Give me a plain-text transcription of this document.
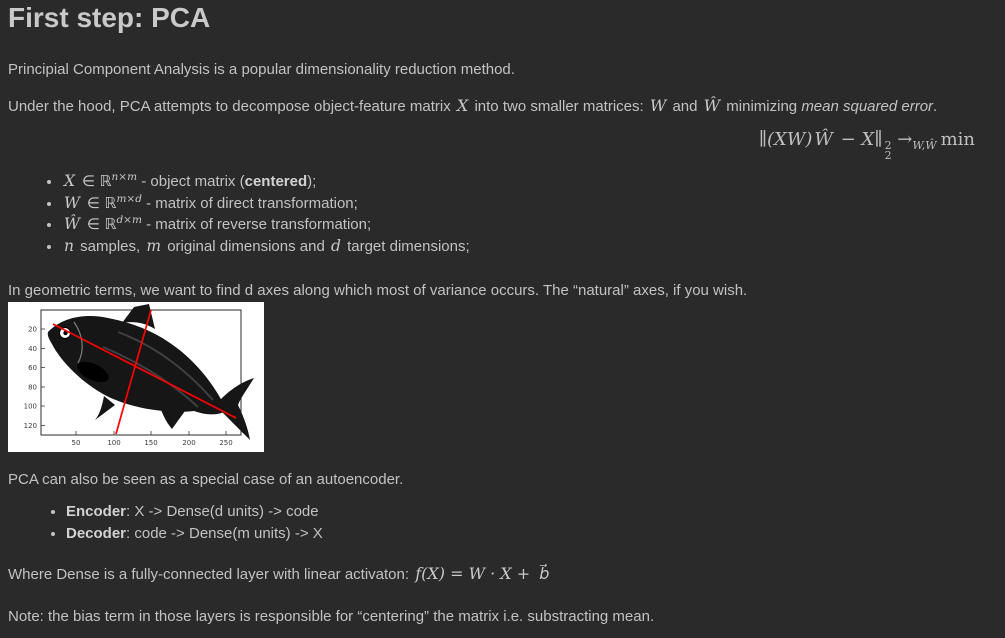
First step: PCA

Principial Component Analysis is a popular dimensionality reduction method.

Under the hood, PCA attempts to decompose object-feature matrix X into two smaller matrices: W and Ŵ minimizing mean squared error.

∥(XW) Ŵ − X∥ 2
2
$\to_{W,Ŵ}$ min
• X ∈ ℝ$^{n\times m}$ - object matrix (centered);
• W ∈ ℝ$^{m\times d}$ - matrix of direct transformation;
• Ŵ ∈ ℝ$^{d\times m}$ - matrix of reverse transformation;
• n samples, m original dimensions and d target dimensions;

In geometric terms, we want to find d axes along which most of variance occurs. The “natural” axes, if you wish.

20
40
60
80
100
120
50	100	150	200	250

PCA can also be seen as a special case of an autoencoder.

• Encoder: X -> Dense(d units) -> code
• Decoder: code -> Dense(m units) -> X

Where Dense is a fully-connected layer with linear activaton: f(X) = W · X + b⃗

Note: the bias term in those layers is responsible for “centering” the matrix i.e. substracting mean.
